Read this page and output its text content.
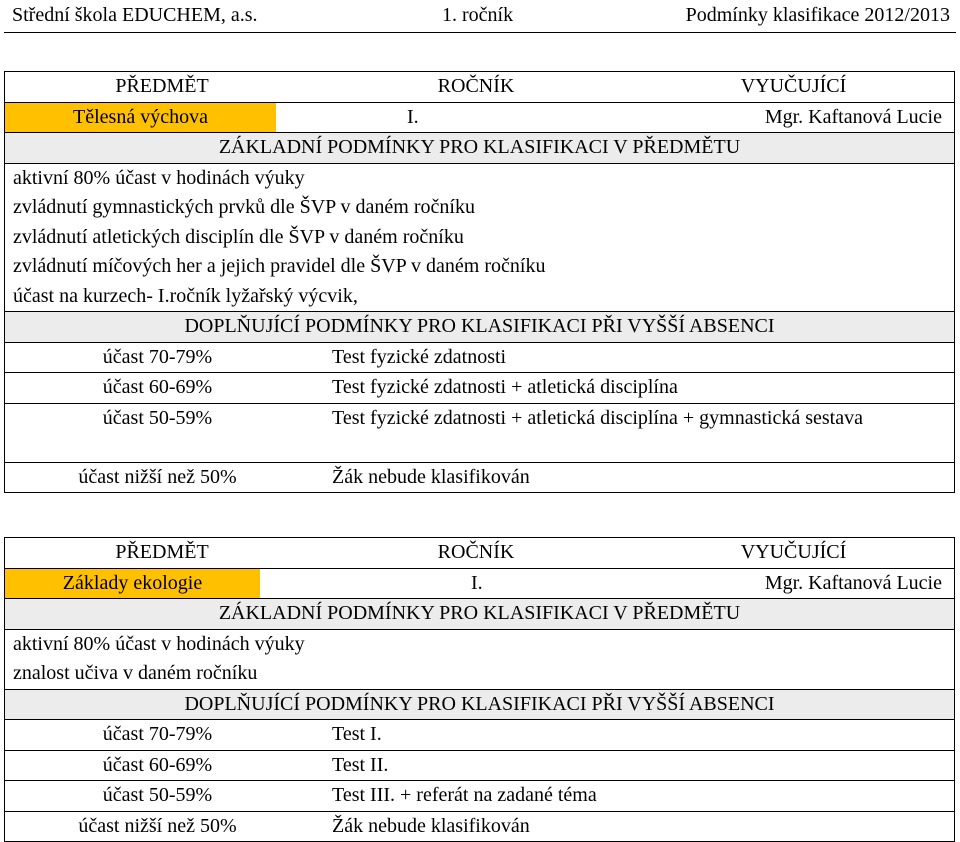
Střední škola EDUCHEM, a.s.	1. ročník	Podmínky klasifikace 2012/2013
PŘEDMĚT	ROČNÍK	VYUČUJÍCÍ
Tělesná výchova	I.	Mgr. Kaftanová Lucie
ZÁKLADNÍ PODMÍNKY PRO KLASIFIKACI V PŘEDMĚTU
aktivní 80% účast v hodinách výuky
zvládnutí gymnastických prvků dle ŠVP v daném ročníku
zvládnutí atletických disciplín dle ŠVP v daném ročníku
zvládnutí míčových her a jejich pravidel dle ŠVP v daném ročníku
účast na kurzech- I.ročník lyžařský výcvik,
DOPLŇUJÍCÍ PODMÍNKY PRO KLASIFIKACI PŘI VYŠŠÍ ABSENCI
účast 70-79%	Test fyzické zdatnosti
účast 60-69%	Test fyzické zdatnosti + atletická disciplína
účast 50-59%	Test fyzické zdatnosti + atletická disciplína + gymnastická sestava
účast nižší než 50%	Žák nebude klasifikován
PŘEDMĚT	ROČNÍK	VYUČUJÍCÍ
Základy ekologie	I.	Mgr. Kaftanová Lucie
ZÁKLADNÍ PODMÍNKY PRO KLASIFIKACI V PŘEDMĚTU
aktivní 80% účast v hodinách výuky
znalost učiva v daném ročníku
DOPLŇUJÍCÍ PODMÍNKY PRO KLASIFIKACI PŘI VYŠŠÍ ABSENCI
účast 70-79%	Test I.
účast 60-69%	Test II.
účast 50-59%	Test III. + referát na zadané téma
účast nižší než 50%	Žák nebude klasifikován
